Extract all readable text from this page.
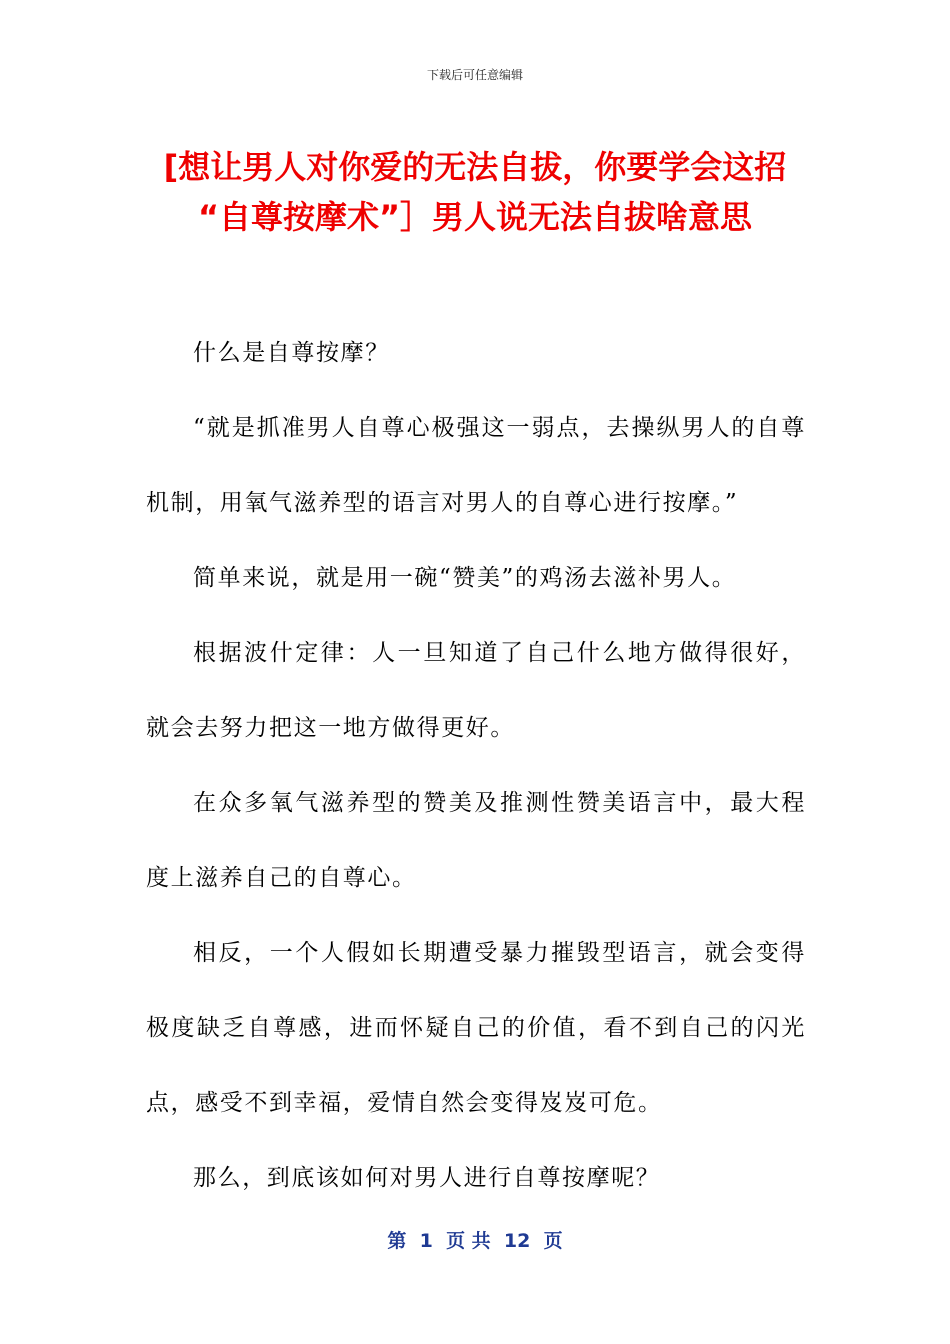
下载后可任意编辑
[想让男人对你爱的无法自拔，你要学会这招
“自尊按摩术”］男人说无法自拔啥意思

什么是自尊按摩？

“就是抓准男人自尊心极强这一弱点，去操纵男人的自尊机制，用氧气滋养型的语言对男人的自尊心进行按摩。”

简单来说，就是用一碗“赞美”的鸡汤去滋补男人。

根据波什定律：人一旦知道了自己什么地方做得很好，就会去努力把这一地方做得更好。

在众多氧气滋养型的赞美及推测性赞美语言中，最大程度上滋养自己的自尊心。

相反，一个人假如长期遭受暴力摧毁型语言，就会变得极度缺乏自尊感，进而怀疑自己的价值，看不到自己的闪光点，感受不到幸福，爱情自然会变得岌岌可危。

那么，到底该如何对男人进行自尊按摩呢？

第  1  页 共  12  页
